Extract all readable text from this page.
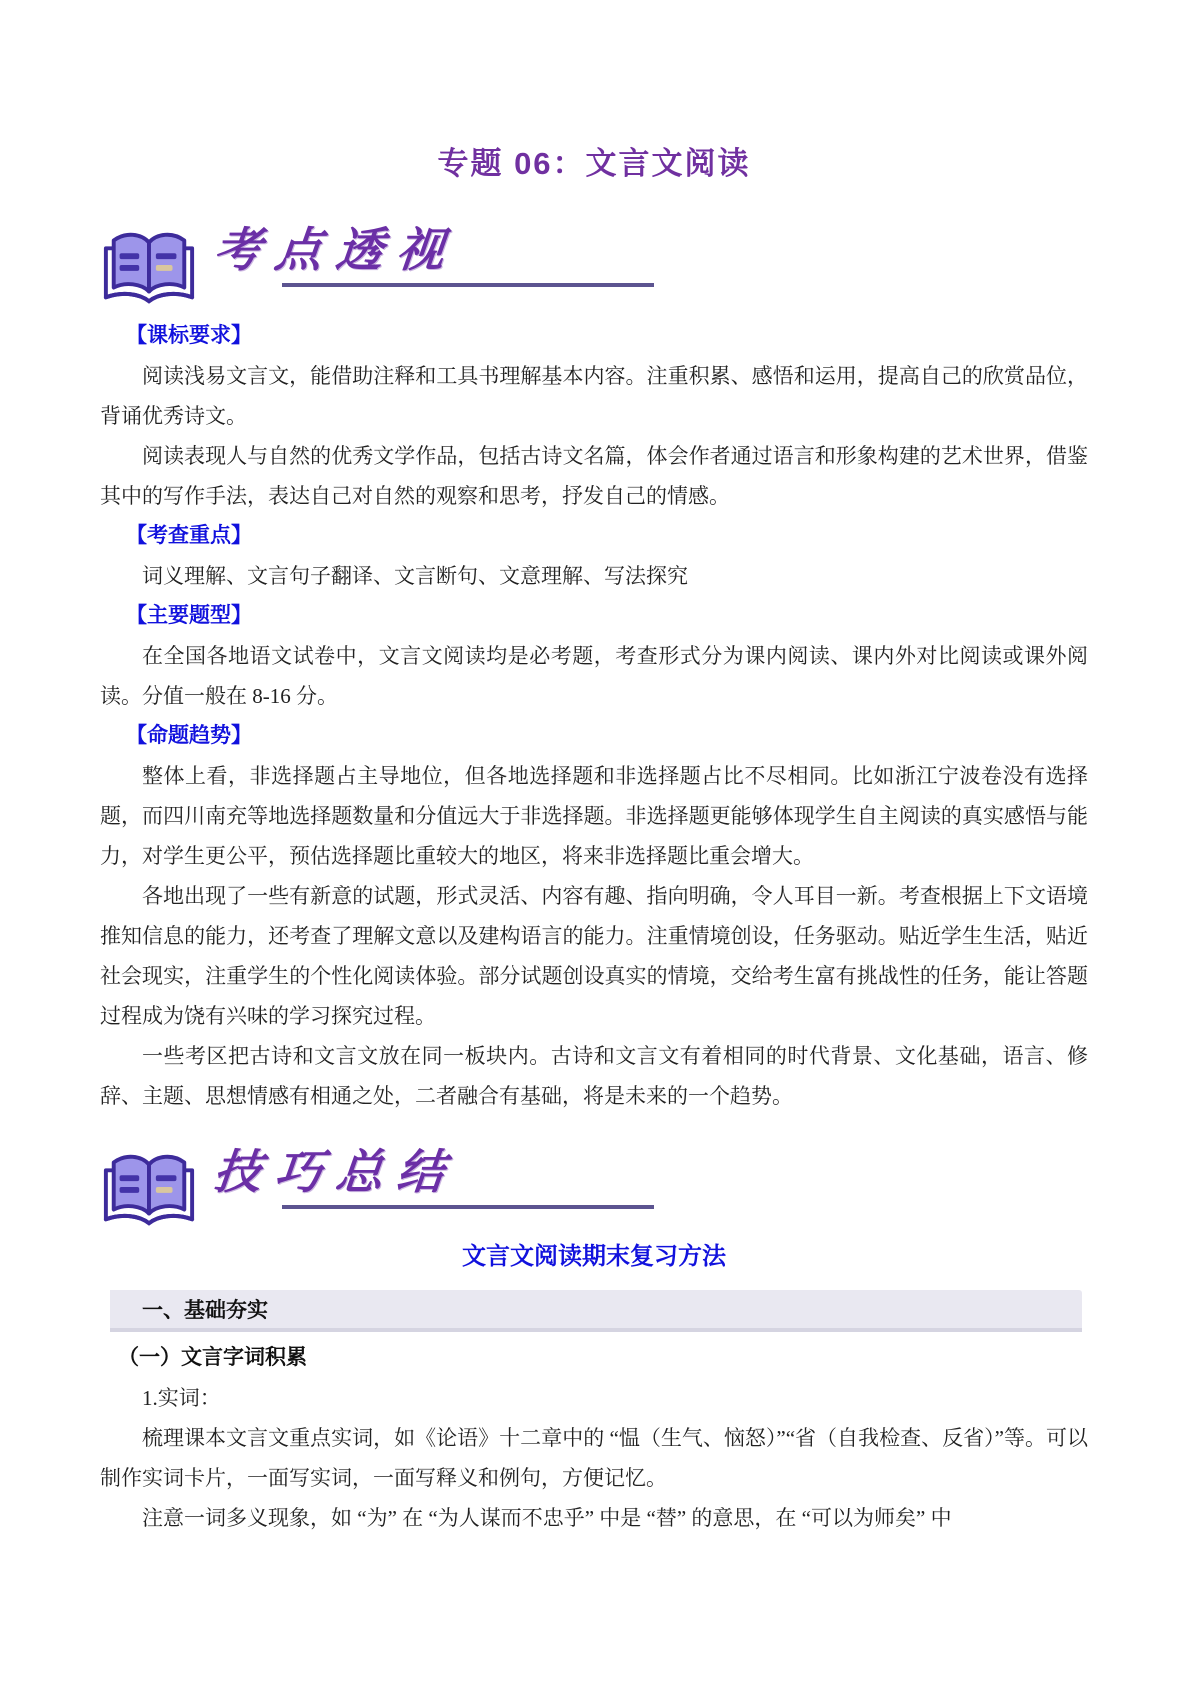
专题 06：文言文阅读
考点透视
【课标要求】

阅读浅易文言文，能借助注释和工具书理解基本内容。注重积累、感悟和运用，提高自己的欣赏品位，背诵优秀诗文。

阅读表现人与自然的优秀文学作品，包括古诗文名篇，体会作者通过语言和形象构建的艺术世界，借鉴其中的写作手法，表达自己对自然的观察和思考，抒发自己的情感。

【考查重点】

词义理解、文言句子翻译、文言断句、文意理解、写法探究

【主要题型】

在全国各地语文试卷中，文言文阅读均是必考题，考查形式分为课内阅读、课内外对比阅读或课外阅读。分值一般在 8-16 分。

【命题趋势】

整体上看，非选择题占主导地位，但各地选择题和非选择题占比不尽相同。比如浙江宁波卷没有选择题，而四川南充等地选择题数量和分值远大于非选择题。非选择题更能够体现学生自主阅读的真实感悟与能力，对学生更公平，预估选择题比重较大的地区，将来非选择题比重会增大。

各地出现了一些有新意的试题，形式灵活、内容有趣、指向明确，令人耳目一新。考查根据上下文语境推知信息的能力，还考查了理解文意以及建构语言的能力。注重情境创设，任务驱动。贴近学生生活，贴近社会现实，注重学生的个性化阅读体验。部分试题创设真实的情境，交给考生富有挑战性的任务，能让答题过程成为饶有兴味的学习探究过程。

一些考区把古诗和文言文放在同一板块内。古诗和文言文有着相同的时代背景、文化基础，语言、修辞、主题、思想情感有相通之处，二者融合有基础，将是未来的一个趋势。

技巧总结
文言文阅读期末复习方法
一、基础夯实
（一）文言字词积累

1.实词：

梳理课本文言文重点实词，如《论语》十二章中的 “愠（生气、恼怒）”“省（自我检查、反省）”等。可以制作实词卡片，一面写实词，一面写释义和例句，方便记忆。

注意一词多义现象，如 “为” 在 “为人谋而不忠乎” 中是 “替” 的意思，在 “可以为师矣” 中
